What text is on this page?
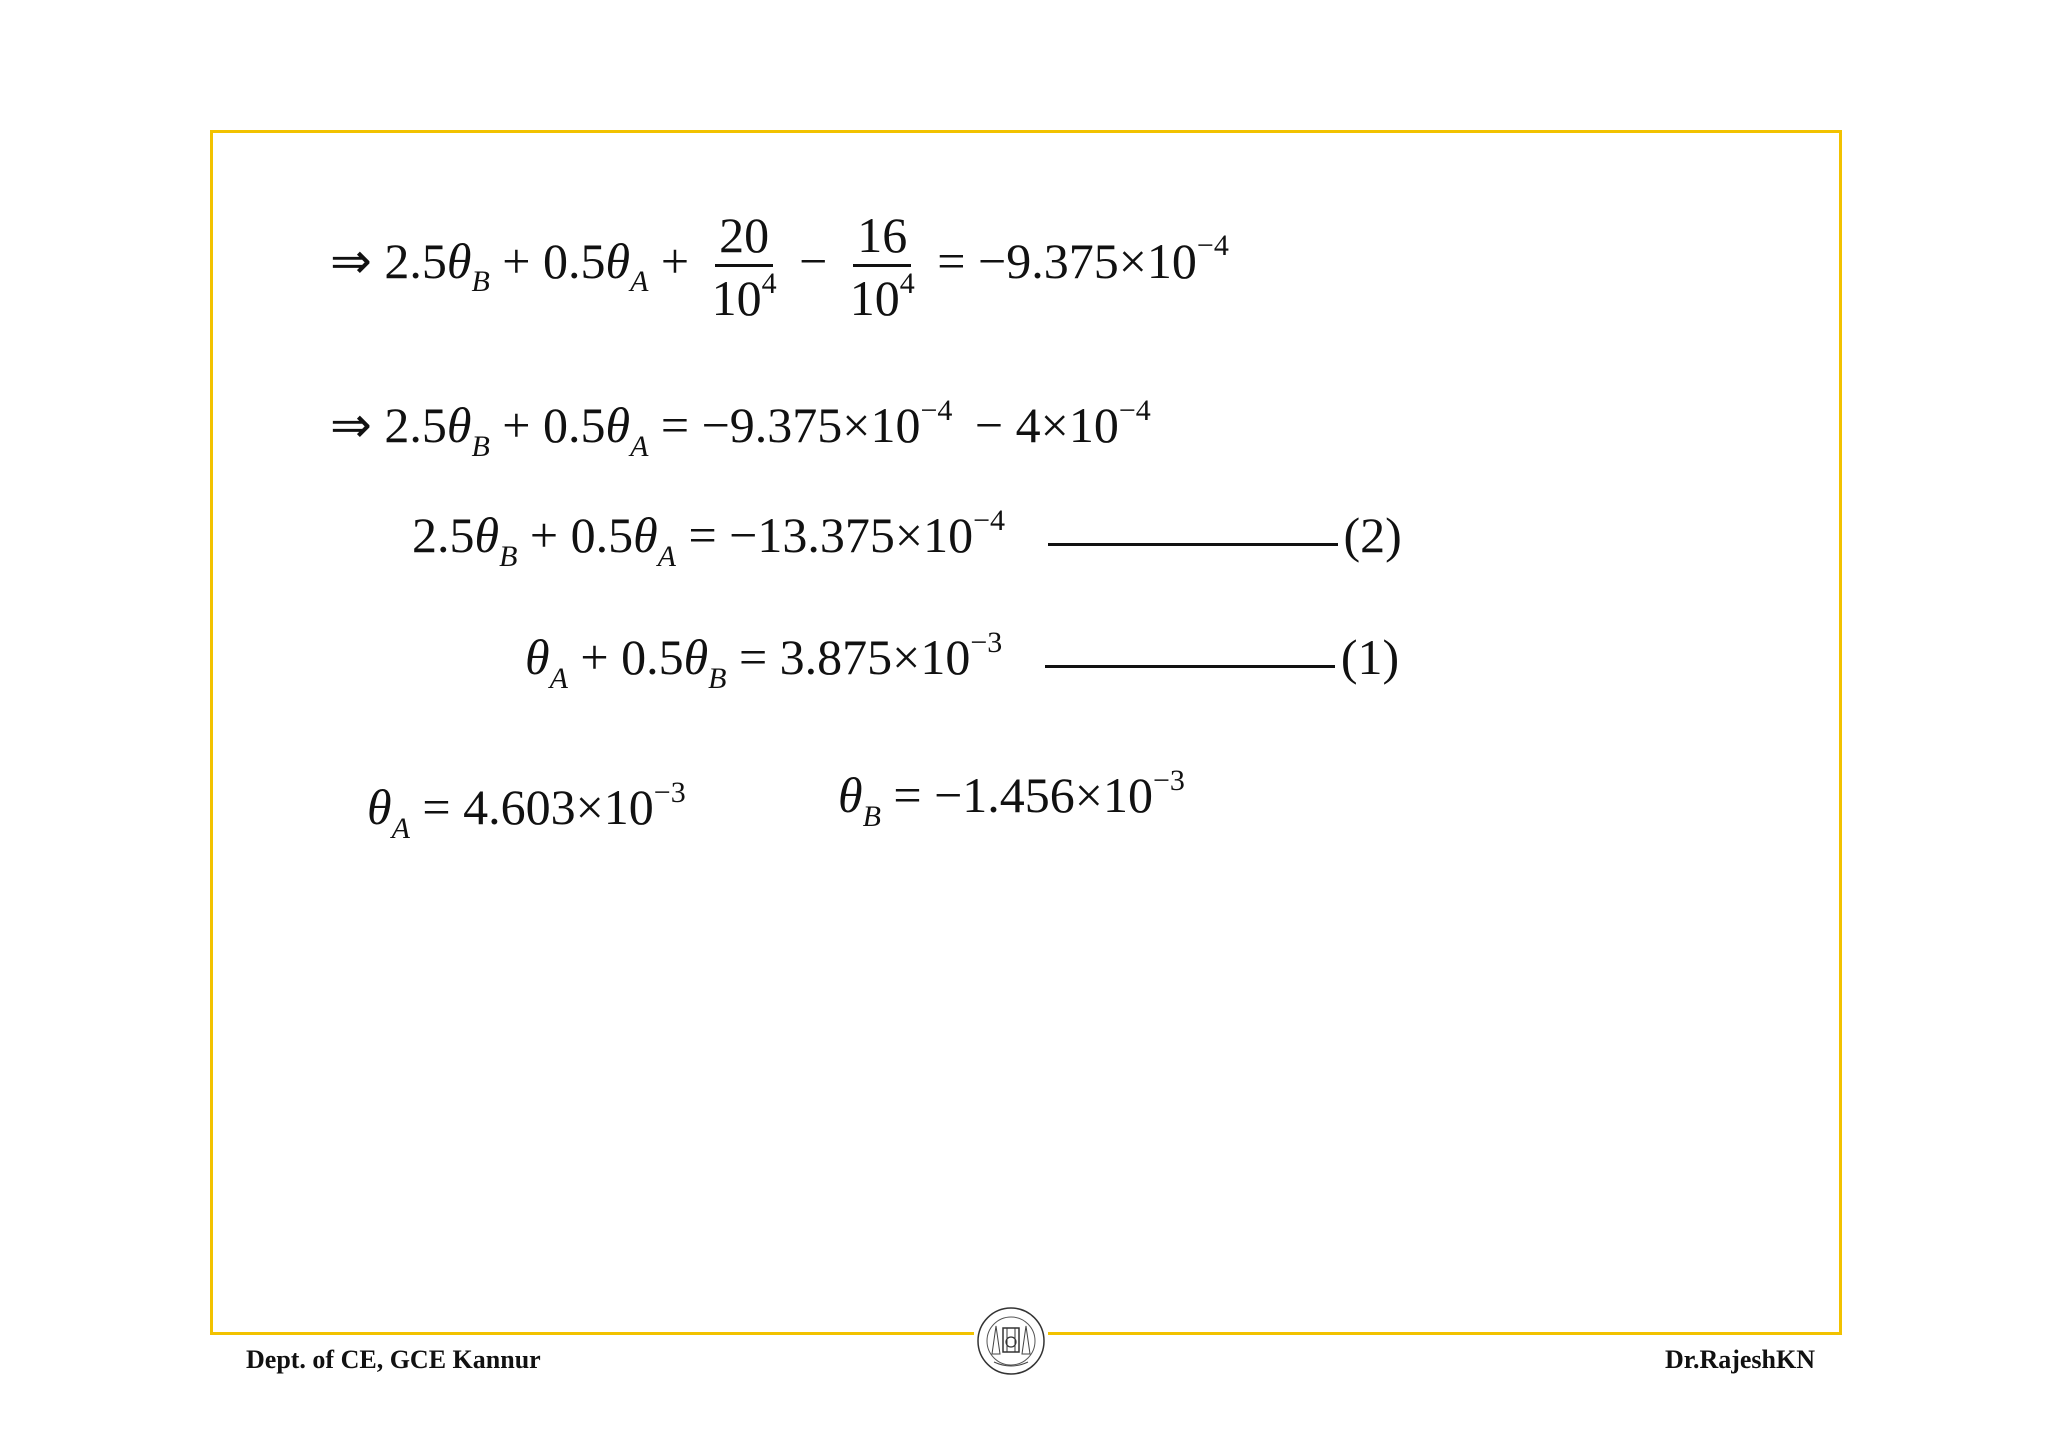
⇒ $2.5\theta_B + 0.5\theta_A + \frac{20}{10^4} - \frac{16}{10^4} = -9.375\times 10^{-4}$
⇒ $2.5\theta_B + 0.5\theta_A = -9.375\times 10^{-4} - 4\times 10^{-4}$
$2.5\theta_B + 0.5\theta_A = -13.375\times 10^{-4}$	(2)
$\theta_A + 0.5\theta_B = 3.875\times 10^{-3}$	(1)
$\theta_A = 4.603\times 10^{-3}$	$\theta_B = -1.456\times 10^{-3}$
Dept. of CE, GCE Kannur	Dr.RajeshKN
